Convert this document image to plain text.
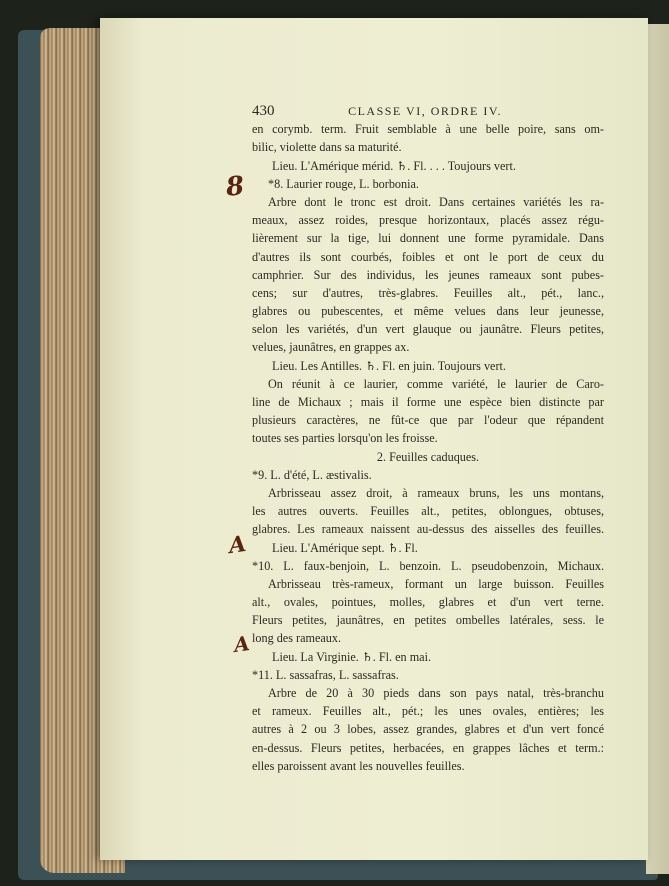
430	CLASSE VI, ORDRE IV.
en corymb. term. Fruit semblable à une belle poire, sans om-
bilic, violette dans sa maturité.
Lieu. L'Amérique mérid. ♄. Fl. . . . Toujours vert.
*8. Laurier rouge, L. borbonia.
Arbre dont le tronc est droit. Dans certaines variétés les ra-
meaux, assez roides, presque horizontaux, placés assez régu-
lièrement sur la tige, lui donnent une forme pyramidale. Dans
d'autres ils sont courbés, foibles et ont le port de ceux du
camphrier. Sur des individus, les jeunes rameaux sont pubes-
cens; sur d'autres, très-glabres. Feuilles alt., pét., lanc.,
glabres ou pubescentes, et même velues dans leur jeunesse,
selon les variétés, d'un vert glauque ou jaunâtre. Fleurs petites,
velues, jaunâtres, en grappes ax.
Lieu. Les Antilles. ♄. Fl. en juin. Toujours vert.
On réunit à ce laurier, comme variété, le laurier de Caro-
line de Michaux ; mais il forme une espèce bien distincte par
plusieurs caractères, ne fût-ce que par l'odeur que répandent
toutes ses parties lorsqu'on les froisse.
2. Feuilles caduques.
*9. L. d'été, L. æstivalis.
Arbrisseau assez droit, à rameaux bruns, les uns montans,
les autres ouverts. Feuilles alt., petites, oblongues, obtuses,
glabres. Les rameaux naissent au-dessus des aisselles des feuilles.
Lieu. L'Amérique sept. ♄. Fl.
*10. L. faux-benjoin, L. benzoin. L. pseudobenzoin, Michaux.
Arbrisseau très-rameux, formant un large buisson. Feuilles
alt., ovales, pointues, molles, glabres et d'un vert terne.
Fleurs petites, jaunâtres, en petites ombelles latérales, sess. le
long des rameaux.
Lieu. La Virginie. ♄. Fl. en mai.
*11. L. sassafras, L. sassafras.
Arbre de 20 à 30 pieds dans son pays natal, très-branchu
et rameux. Feuilles alt., pét.; les unes ovales, entières; les
autres à 2 ou 3 lobes, assez grandes, glabres et d'un vert foncé
en-dessus. Fleurs petites, herbacées, en grappes lâches et term.:
elles paroissent avant les nouvelles feuilles.
8
A
A
